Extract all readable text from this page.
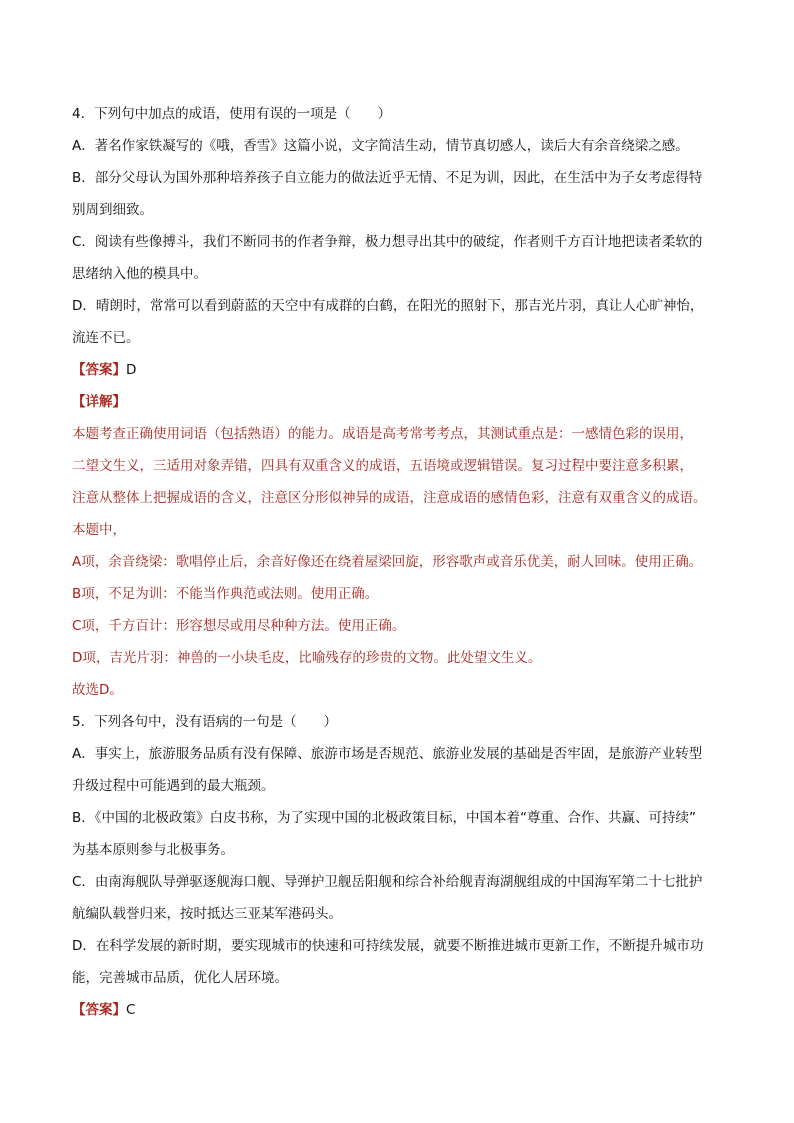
4．下列句中加点的成语，使用有误的一项是（　　）
A．著名作家铁凝写的《哦，香雪》这篇小说，文字简洁生动，情节真切感人，读后大有余音绕梁之感。
B．部分父母认为国外那种培养孩子自立能力的做法近乎无情、不足为训，因此，在生活中为子女考虑得特
别周到细致。
C．阅读有些像搏斗，我们不断同书的作者争辩，极力想寻出其中的破绽，作者则千方百计地把读者柔软的
思绪纳入他的模具中。
D．晴朗时，常常可以看到蔚蓝的天空中有成群的白鹤，在阳光的照射下，那吉光片羽，真让人心旷神怡，
流连不已。
【答案】D
【详解】
本题考查正确使用词语（包括熟语）的能力。成语是高考常考考点，其测试重点是：一感情色彩的误用，
二望文生义，三适用对象弄错，四具有双重含义的成语，五语境或逻辑错误。复习过程中要注意多积累，
注意从整体上把握成语的含义，注意区分形似神异的成语，注意成语的感情色彩，注意有双重含义的成语。
本题中，
A项，余音绕梁：歌唱停止后，余音好像还在绕着屋梁回旋，形容歌声或音乐优美，耐人回味。使用正确。
B项，不足为训：不能当作典范或法则。使用正确。
C项，千方百计：形容想尽或用尽种种方法。使用正确。
D项，吉光片羽：神兽的一小块毛皮，比喻残存的珍贵的文物。此处望文生义。
故选D。
5．下列各句中，没有语病的一句是（　　）
A．事实上，旅游服务品质有没有保障、旅游市场是否规范、旅游业发展的基础是否牢固，是旅游产业转型
升级过程中可能遇到的最大瓶颈。
B．《中国的北极政策》白皮书称，为了实现中国的北极政策目标，中国本着“尊重、合作、共赢、可持续”
为基本原则参与北极事务。
C．由南海舰队导弹驱逐舰海口舰、导弹护卫舰岳阳舰和综合补给舰青海湖舰组成的中国海军第二十七批护
航编队载誉归来，按时抵达三亚某军港码头。
D．在科学发展的新时期，要实现城市的快速和可持续发展，就要不断推进城市更新工作，不断提升城市功
能，完善城市品质，优化人居环境。
【答案】C
